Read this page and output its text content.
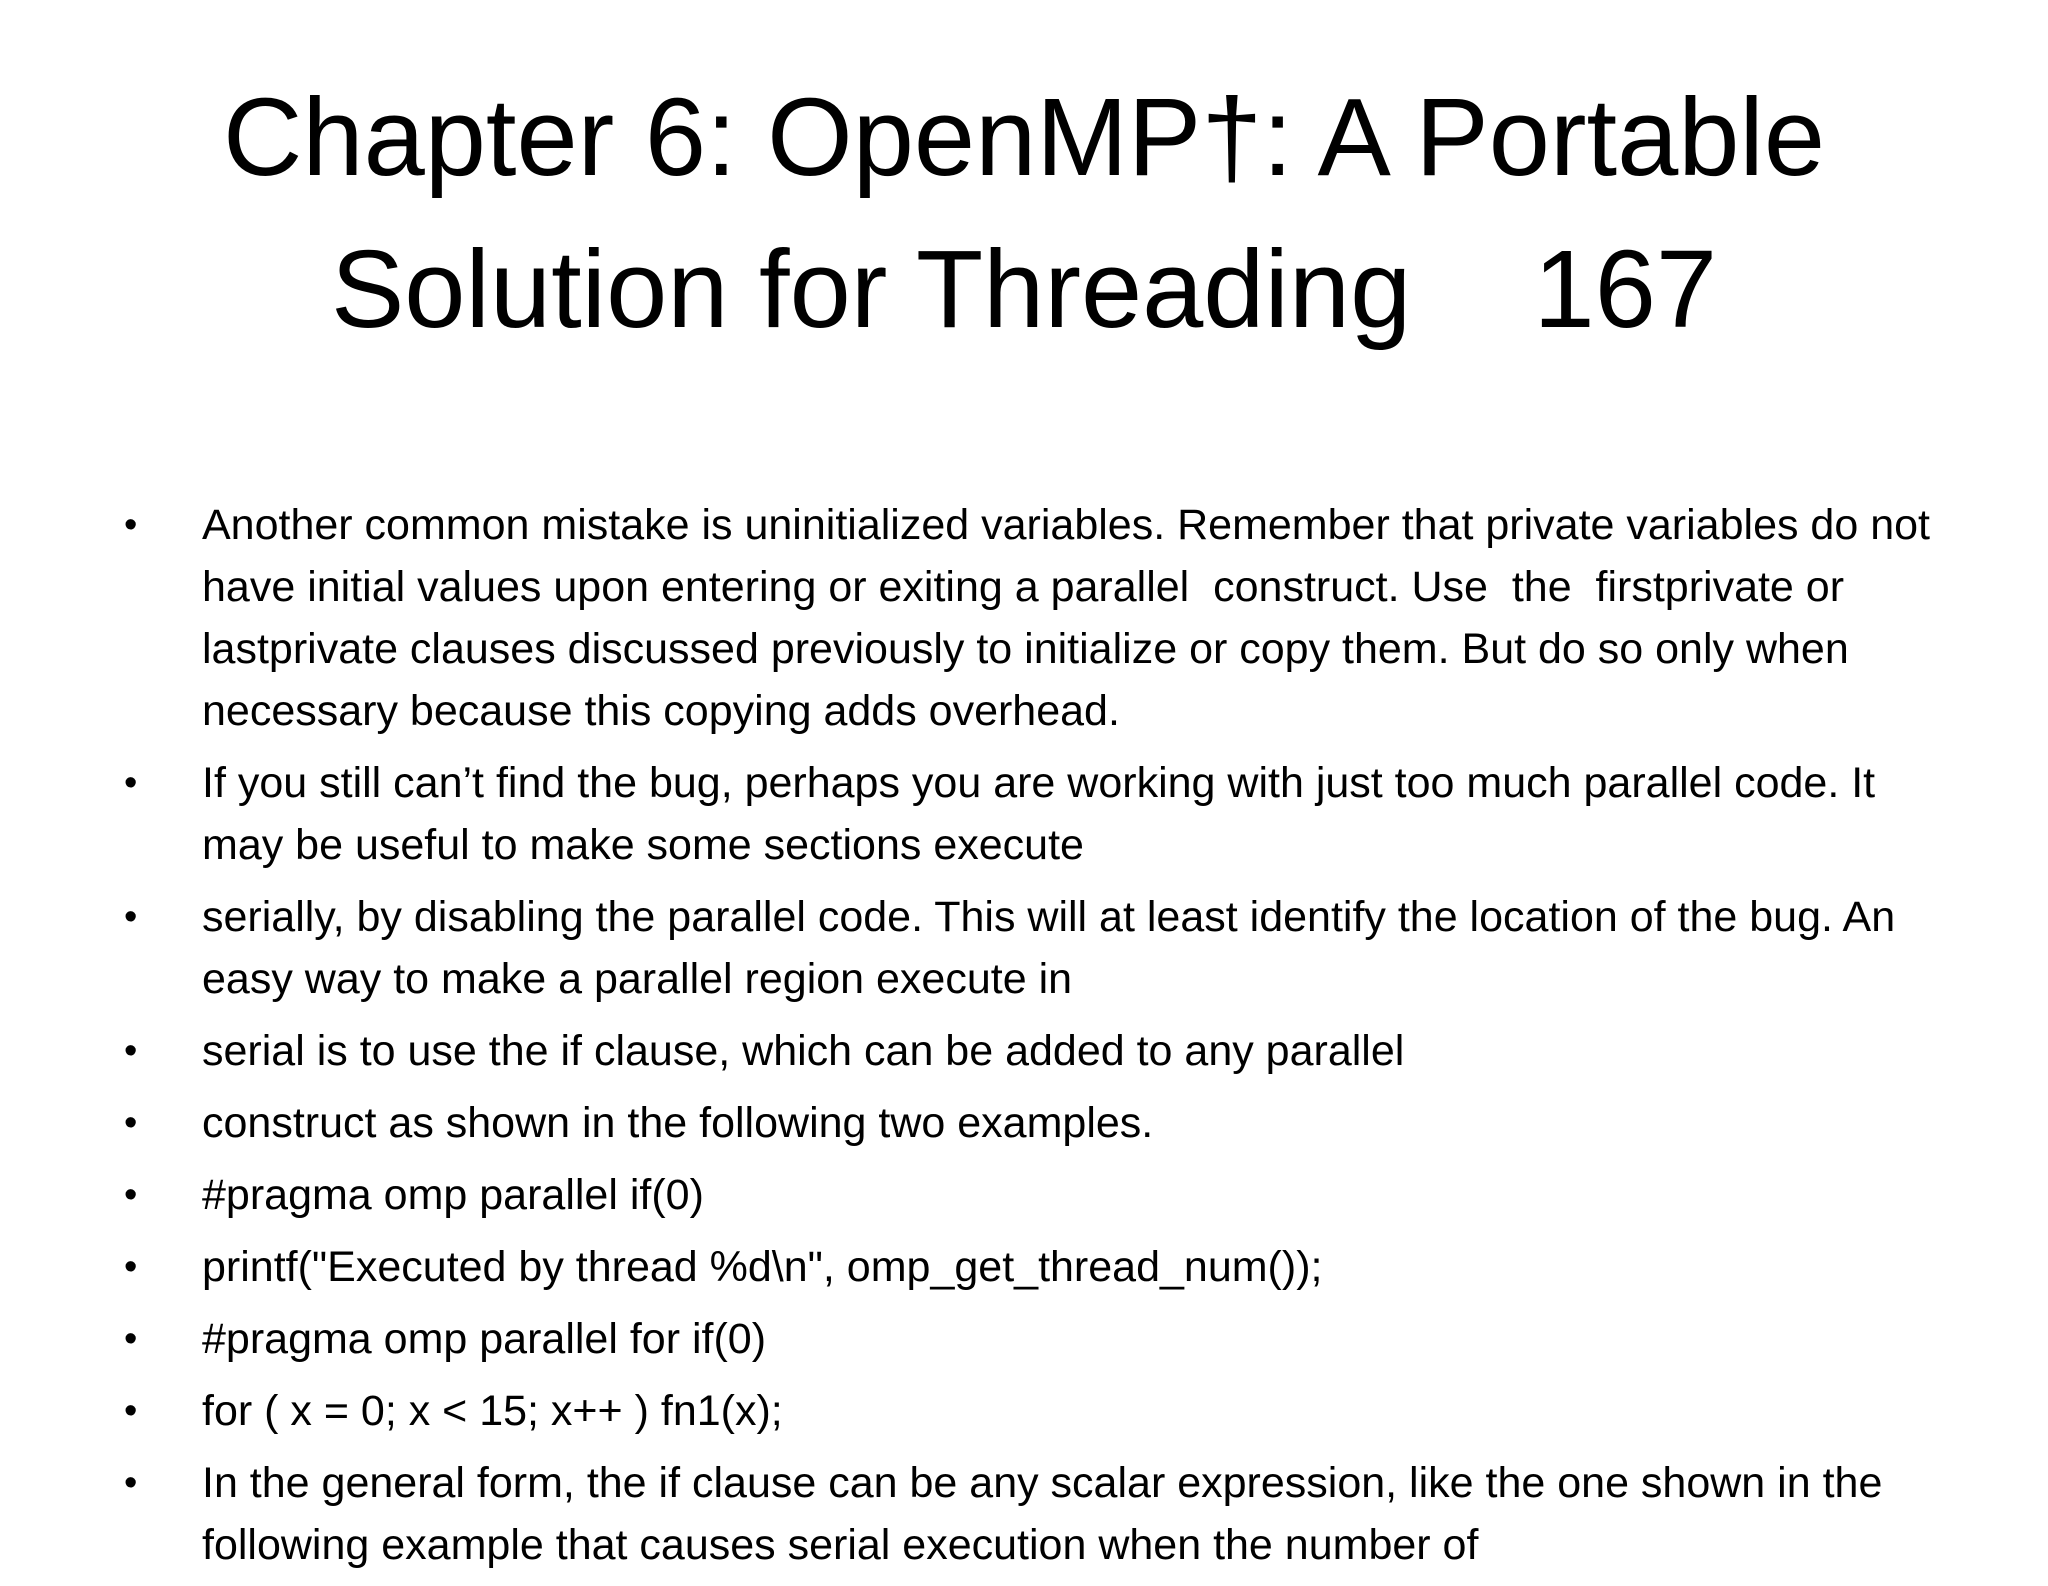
Chapter 6: OpenMP†: A Portable
Solution for Threading    167
• Another common mistake is uninitialized variables. Remember that private variables do not have initial values upon entering or exiting a parallel  construct. Use  the  firstprivate or  lastprivate clauses discussed previously to initialize or copy them. But do so only when necessary because this copying adds overhead.
• If you still can’t find the bug, perhaps you are working with just too much parallel code. It may be useful to make some sections execute
• serially, by disabling the parallel code. This will at least identify the location of the bug. An easy way to make a parallel region execute in
• serial is to use the if clause, which can be added to any parallel
• construct as shown in the following two examples.
• #pragma omp parallel if(0)
• printf("Executed by thread %d\n", omp_get_thread_num());
• #pragma omp parallel for if(0)
• for ( x = 0; x < 15; x++ ) fn1(x);
• In the general form, the if clause can be any scalar expression, like the one shown in the following example that causes serial execution when the number of
